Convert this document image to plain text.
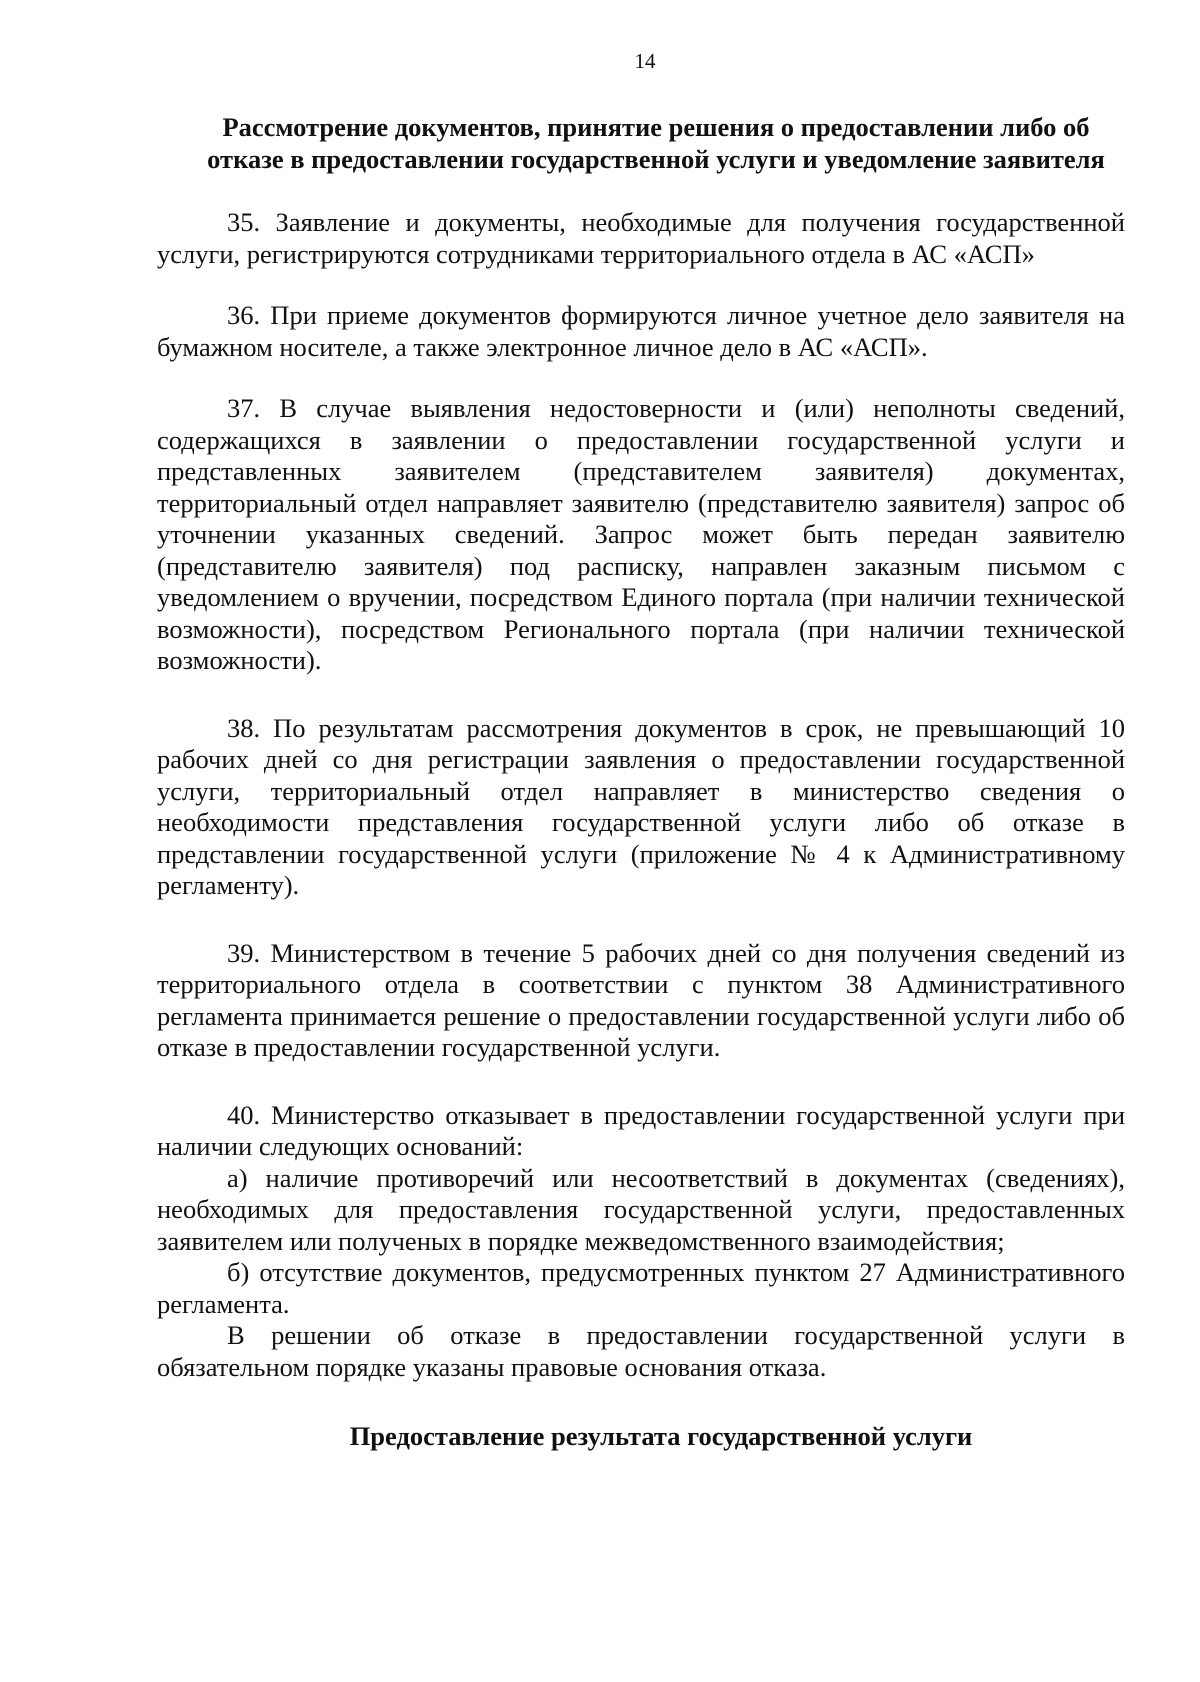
14

Рассмотрение документов, принятие решения о предоставлении либо об отказе в предоставлении государственной услуги и уведомление заявителя

35. Заявление и документы, необходимые для получения государственной услуги, регистрируются сотрудниками территориального отдела в АС «АСП»

36. При приеме документов формируются личное учетное дело заявителя на бумажном носителе, а также электронное личное дело в АС «АСП».

37. В случае выявления недостоверности и (или) неполноты сведений, содержащихся в заявлении о предоставлении государственной услуги и представленных заявителем (представителем заявителя) документах, территориальный отдел направляет заявителю (представителю заявителя) запрос об уточнении указанных сведений. Запрос может быть передан заявителю (представителю заявителя) под расписку, направлен заказным письмом с уведомлением о вручении, посредством Единого портала (при наличии технической возможности), посредством Регионального портала (при наличии технической возможности).

38. По результатам рассмотрения документов в срок, не превышающий 10 рабочих дней со дня регистрации заявления о предоставлении государственной услуги, территориальный отдел направляет в министерство сведения о необходимости представления государственной услуги либо об отказе в представлении государственной услуги (приложение № 4 к Административному регламенту).

39. Министерством в течение 5 рабочих дней со дня получения сведений из территориального отдела в соответствии с пунктом 38 Административного регламента принимается решение о предоставлении государственной услуги либо об отказе в предоставлении государственной услуги.

40. Министерство отказывает в предоставлении государственной услуги при наличии следующих оснований:

а) наличие противоречий или несоответствий в документах (сведениях), необходимых для предоставления государственной услуги, предоставленных заявителем или полученых в порядке межведомственного взаимодействия;

б) отсутствие документов, предусмотренных пунктом 27 Административного регламента.

В решении об отказе в предоставлении государственной услуги в обязательном порядке указаны правовые основания отказа.

Предоставление результата государственной услуги
